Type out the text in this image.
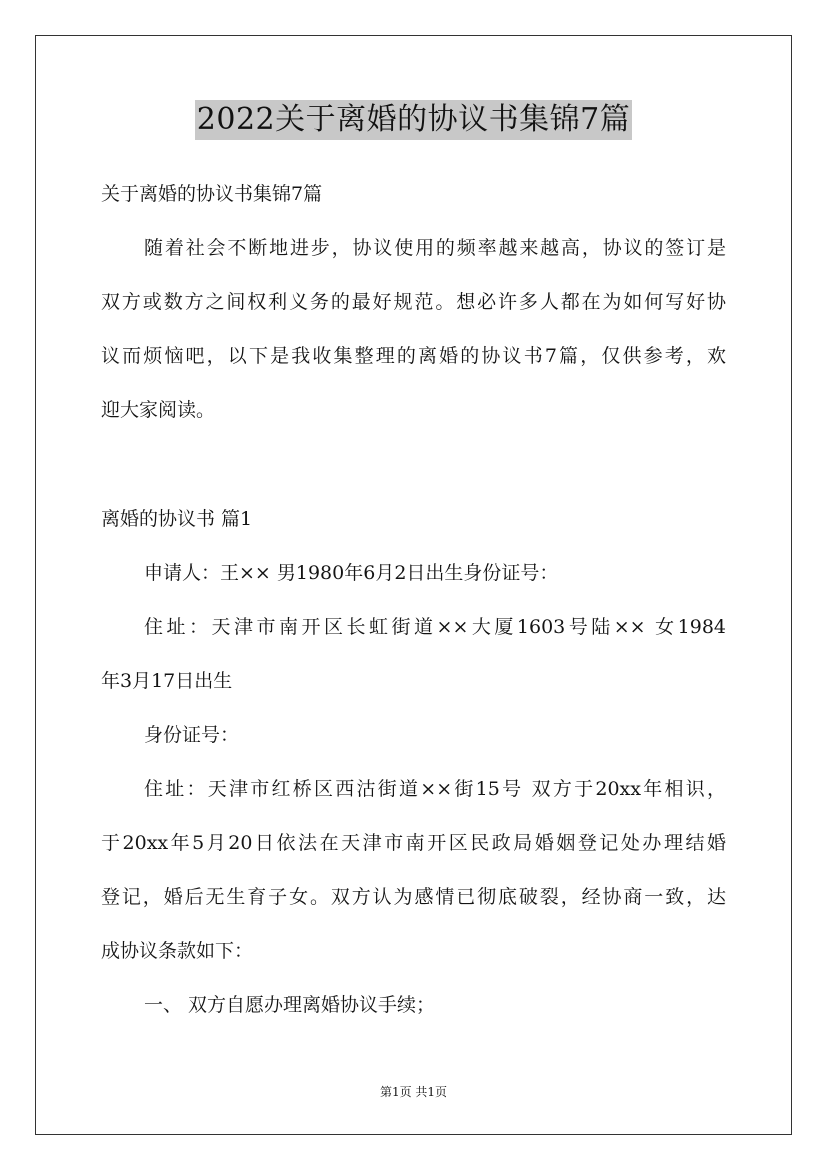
2022关于离婚的协议书集锦7篇
关于离婚的协议书集锦7篇
随着社会不断地进步，协议使用的频率越来越高，协议的签订是
双方或数方之间权利义务的最好规范。想必许多人都在为如何写好协
议而烦恼吧，以下是我收集整理的离婚的协议书7篇，仅供参考，欢
迎大家阅读。
离婚的协议书 篇1
申请人：王×× 男1980年6月2日出生身份证号：
住址：天津市南开区长虹街道××大厦1603号陆×× 女1984
年3月17日出生
身份证号：
住址：天津市红桥区西沽街道××街15号 双方于20xx年相识，
于20xx年5月20日依法在天津市南开区民政局婚姻登记处办理结婚
登记，婚后无生育子女。双方认为感情已彻底破裂，经协商一致，达
成协议条款如下：
一、 双方自愿办理离婚协议手续；
第1页 共1页
